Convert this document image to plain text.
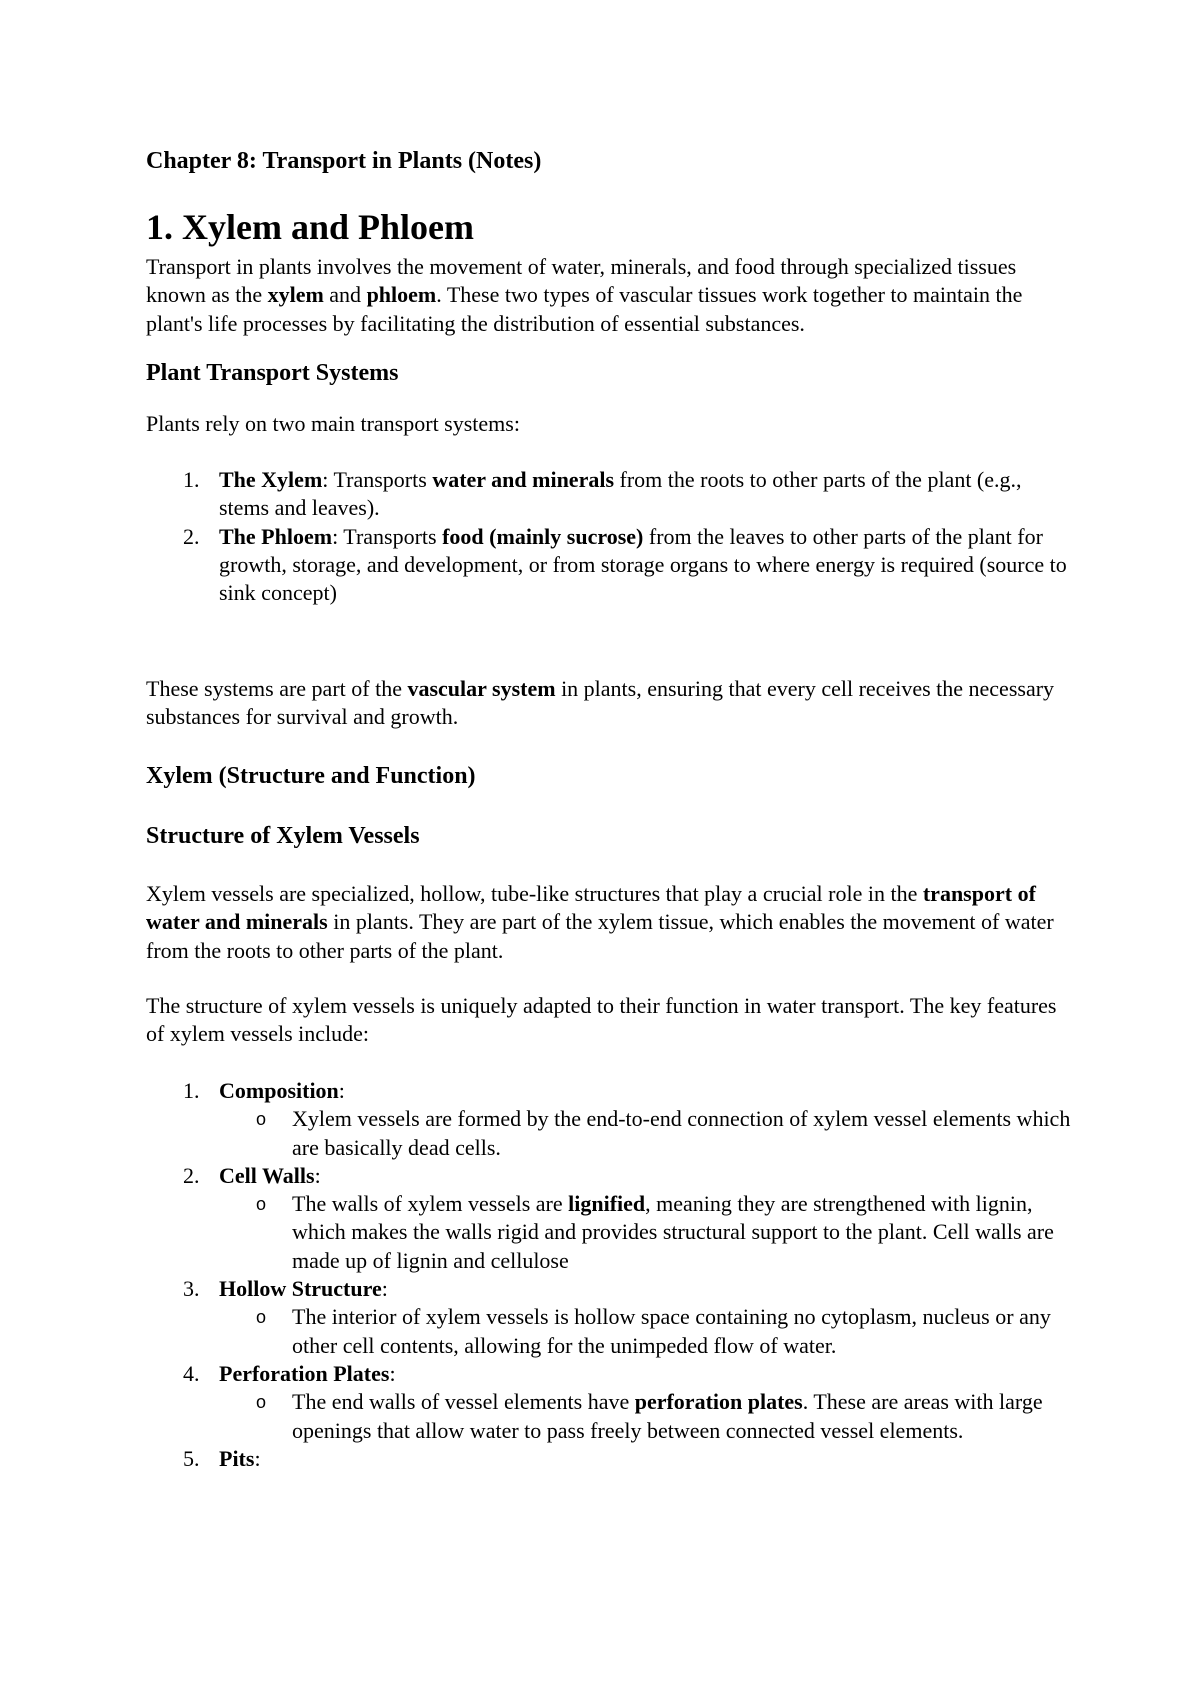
Chapter 8: Transport in Plants (Notes)
1. Xylem and Phloem

Transport in plants involves the movement of water, minerals, and food through specialized tissues known as the xylem and phloem. These two types of vascular tissues work together to maintain the plant's life processes by facilitating the distribution of essential substances.

Plant Transport Systems

Plants rely on two main transport systems:

1. The Xylem: Transports water and minerals from the roots to other parts of the plant (e.g., stems and leaves).
2. The Phloem: Transports food (mainly sucrose) from the leaves to other parts of the plant for growth, storage, and development, or from storage organs to where energy is required (source to sink concept)

These systems are part of the vascular system in plants, ensuring that every cell receives the necessary substances for survival and growth.

Xylem (Structure and Function)
Structure of Xylem Vessels

Xylem vessels are specialized, hollow, tube-like structures that play a crucial role in the transport of water and minerals in plants. They are part of the xylem tissue, which enables the movement of water from the roots to other parts of the plant.

The structure of xylem vessels is uniquely adapted to their function in water transport. The key features of xylem vessels include:

1. Composition:
o Xylem vessels are formed by the end-to-end connection of xylem vessel elements which are basically dead cells.
2. Cell Walls:
o The walls of xylem vessels are lignified, meaning they are strengthened with lignin, which makes the walls rigid and provides structural support to the plant. Cell walls are made up of lignin and cellulose
3. Hollow Structure:
o The interior of xylem vessels is hollow space containing no cytoplasm, nucleus or any other cell contents, allowing for the unimpeded flow of water.
4. Perforation Plates:
o The end walls of vessel elements have perforation plates. These are areas with large openings that allow water to pass freely between connected vessel elements.
5. Pits:
